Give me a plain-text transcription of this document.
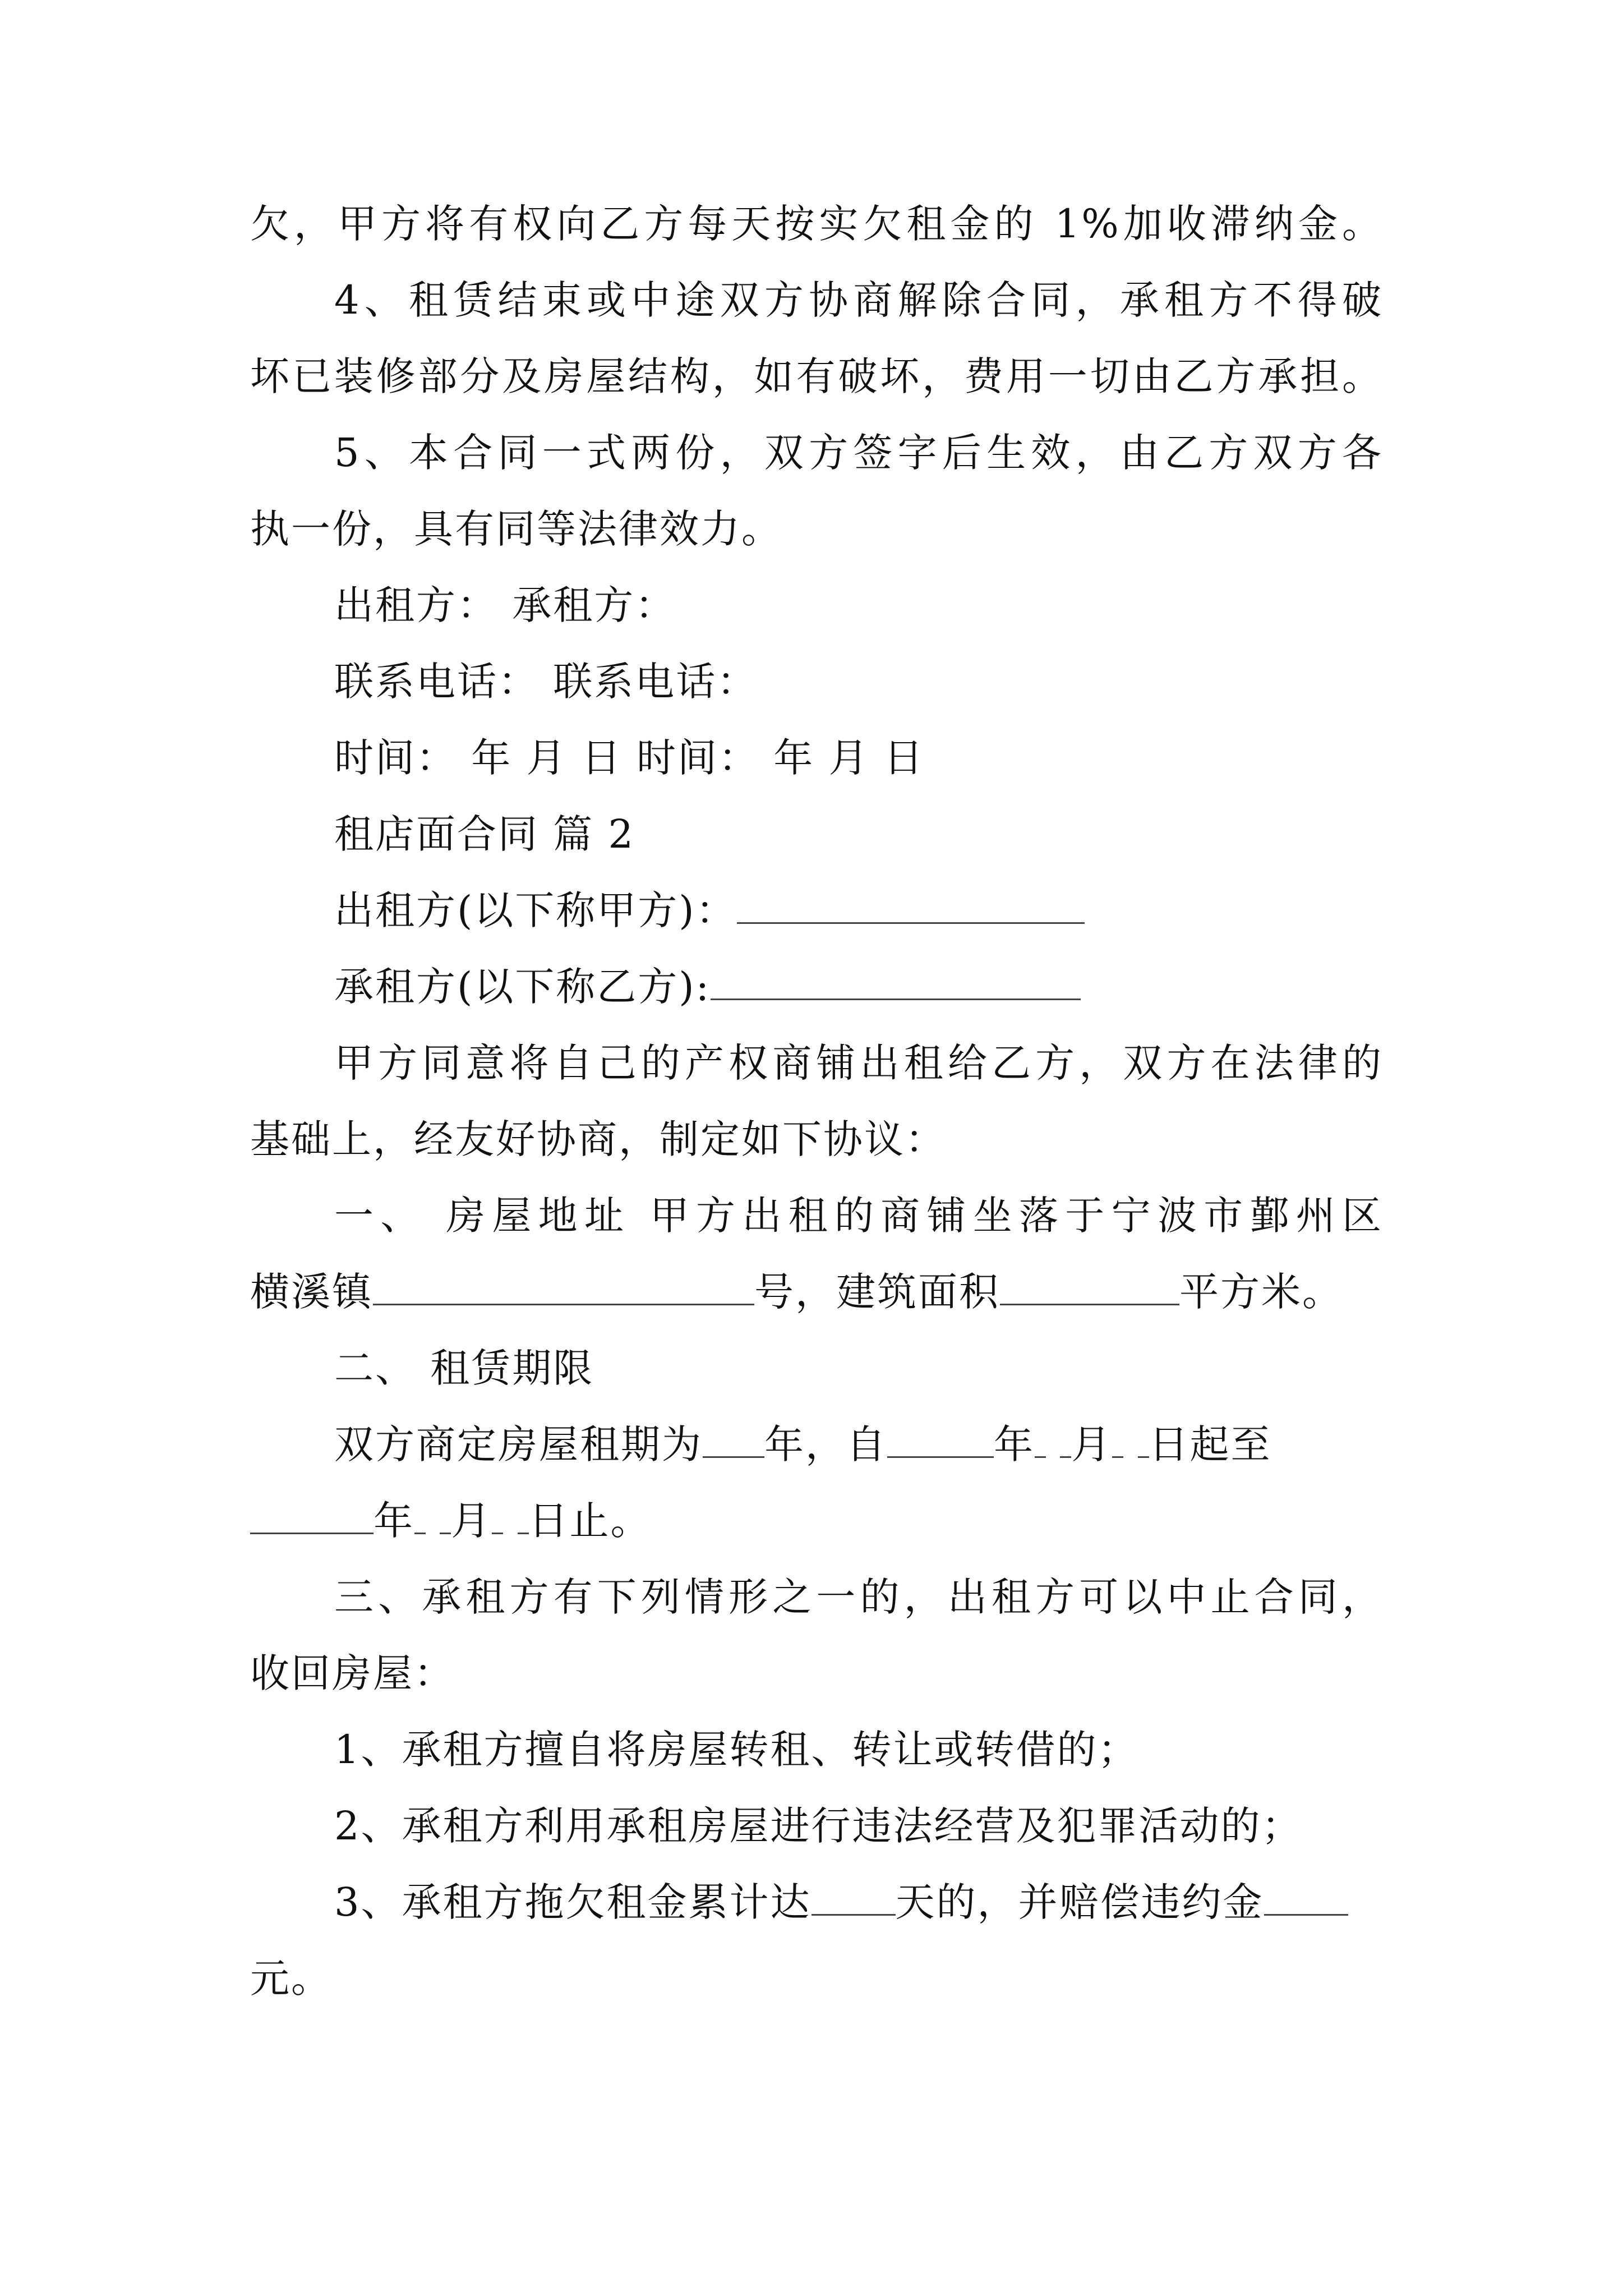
欠，甲方将有权向乙方每天按实欠租金的 1%加收滞纳金。
4、租赁结束或中途双方协商解除合同，承租方不得破
坏已装修部分及房屋结构，如有破坏，费用一切由乙方承担。
5、本合同一式两份，双方签字后生效，由乙方双方各
执一份，具有同等法律效力。
出租方： 承租方：
联系电话： 联系电话：
时间： 年 月 日 时间： 年 月 日
租店面合同 篇 2
出租方(以下称甲方)：
承租方(以下称乙方):
甲方同意将自己的产权商铺出租给乙方，双方在法律的
基础上，经友好协商，制定如下协议：
一、 房屋地址 甲方出租的商铺坐落于宁波市鄞州区
横溪镇	号，建筑面积	平方米。
二、 租赁期限
双方商定房屋租期为 年，自	年 月 日起至
年 月 日止。
三、承租方有下列情形之一的，出租方可以中止合同，
收回房屋：
1、承租方擅自将房屋转租、转让或转借的；
2、承租方利用承租房屋进行违法经营及犯罪活动的；
3、承租方拖欠租金累计达 天的，并赔偿违约金
元。
